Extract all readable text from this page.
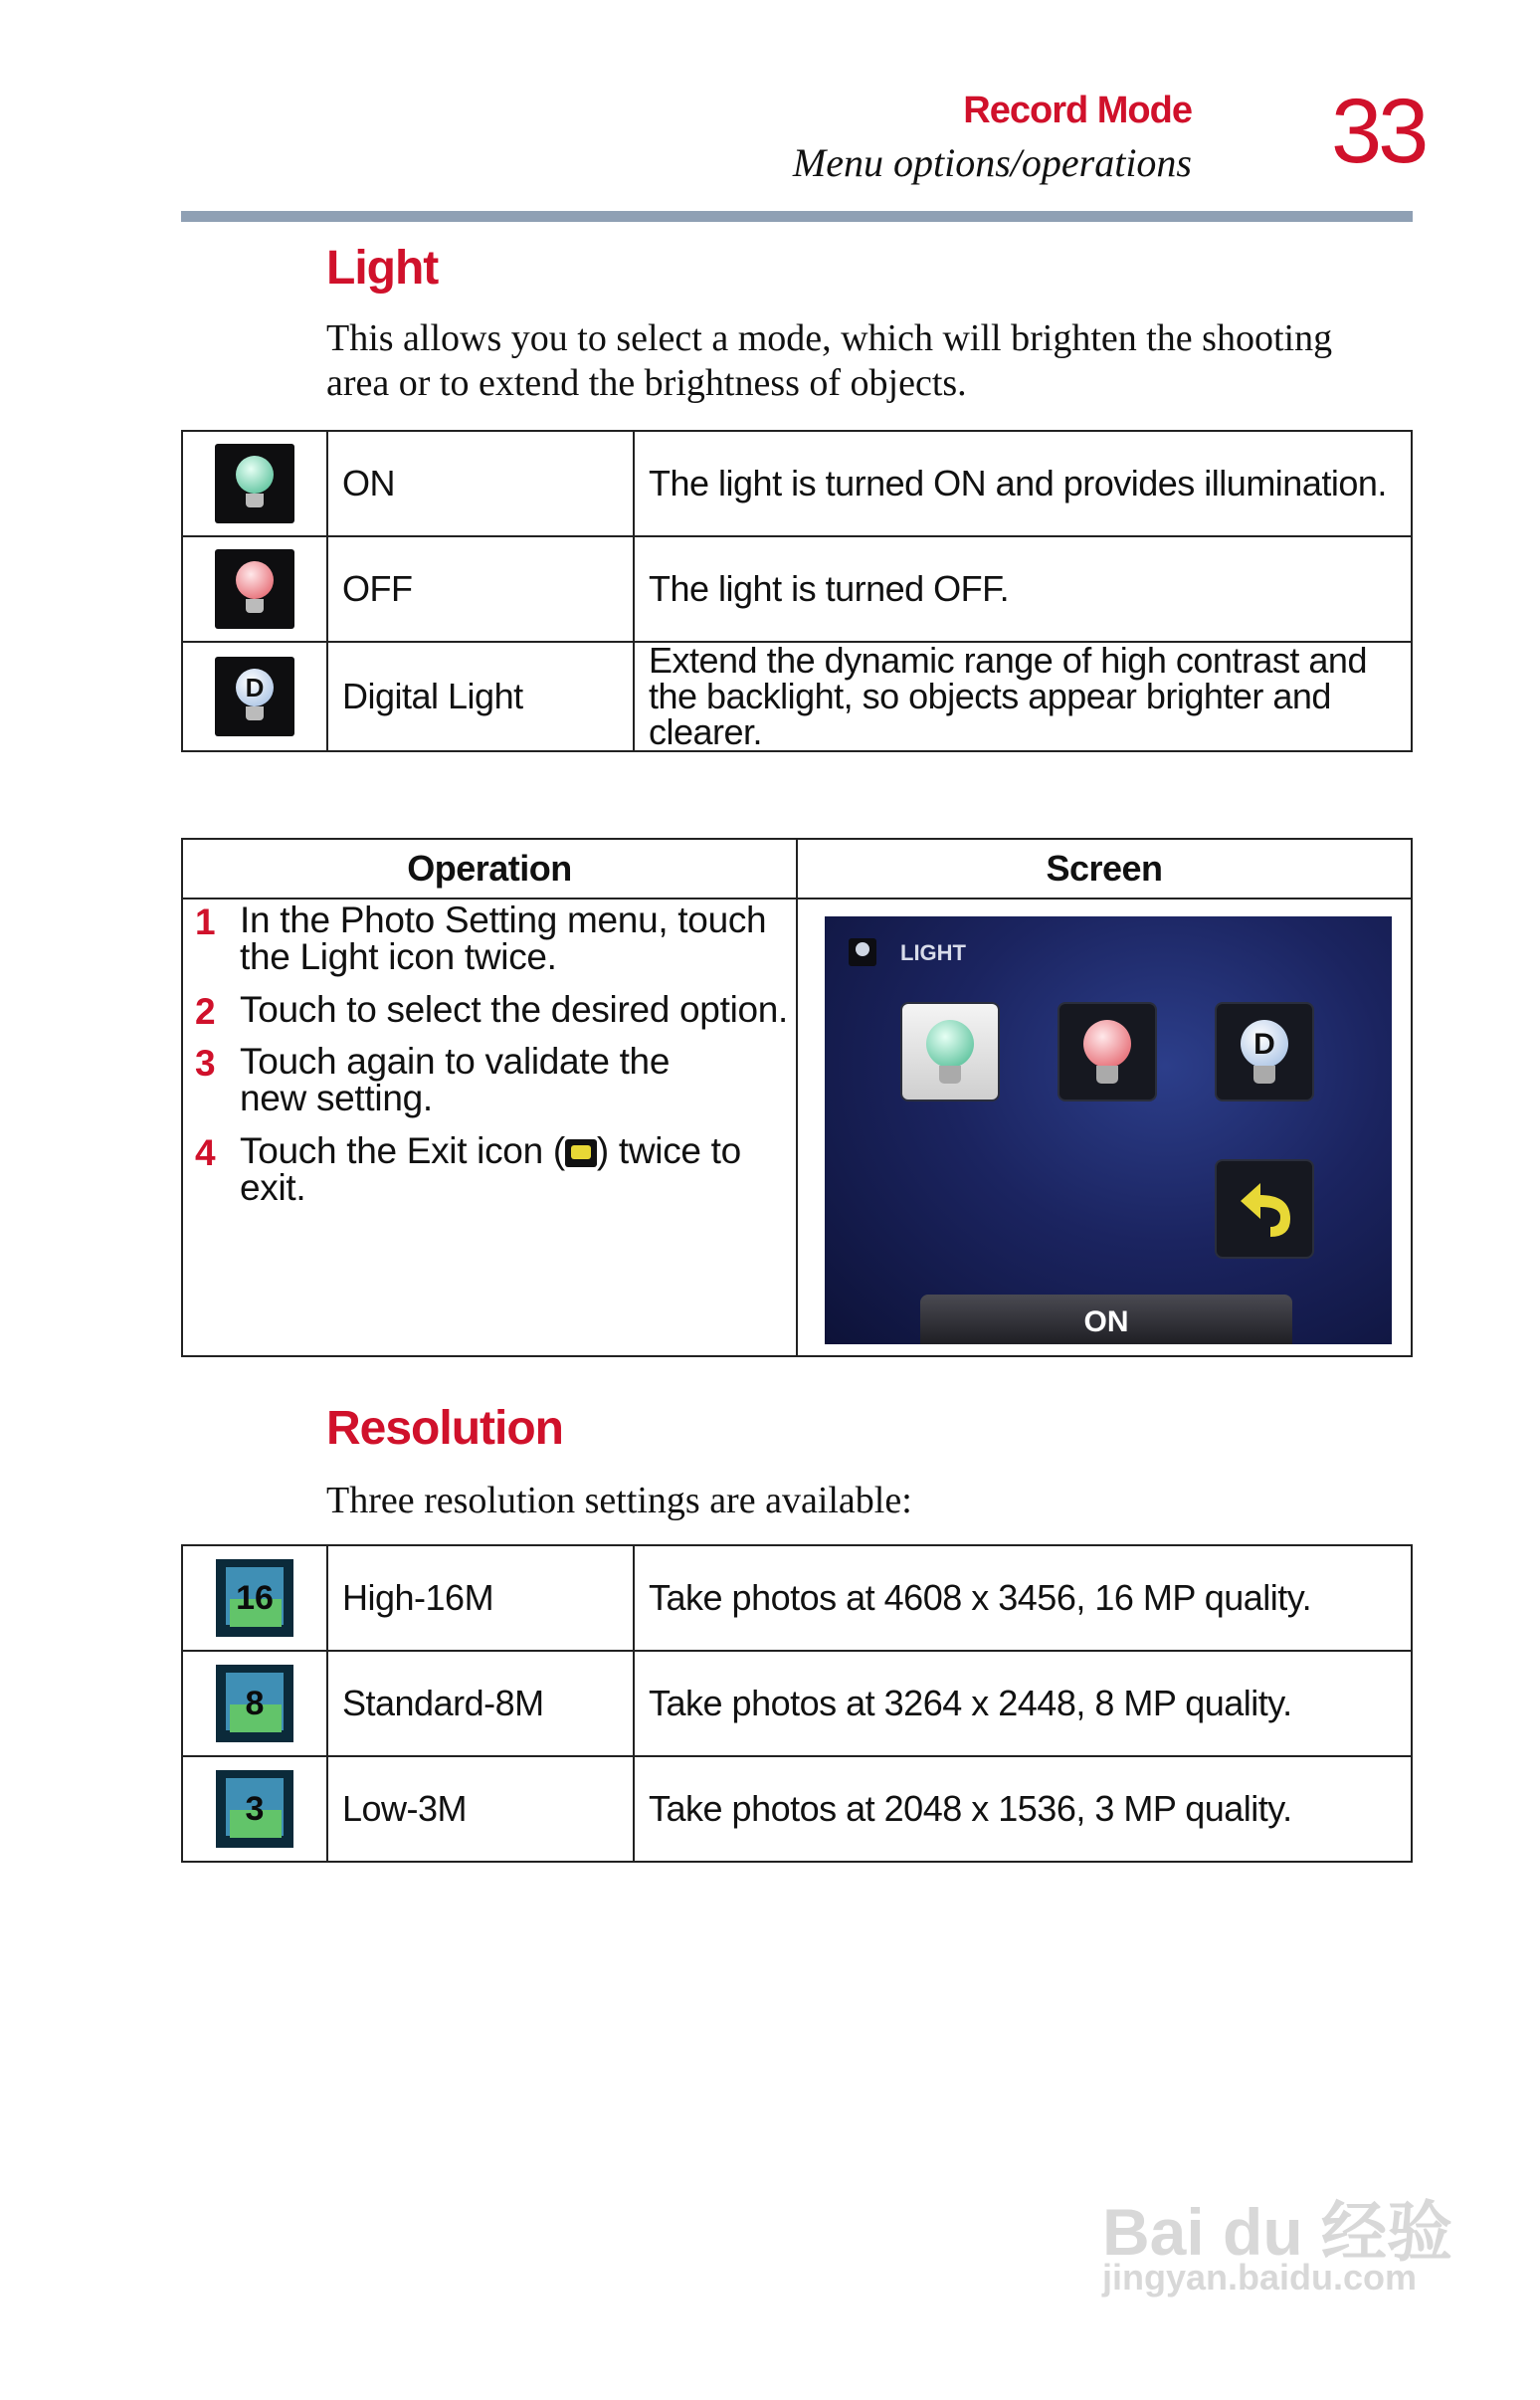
Record Mode
Menu options/operations 33
Light
This allows you to select a mode, which will brighten the shooting area or to extend the brightness of objects.

	ON	The light is turned ON and provides illumination.

	OFF	The light is turned OFF.

D	Digital Light	Extend the dynamic range of high contrast and the backlight, so objects appear brighter and clearer.
Operation	Screen

1 In the Photo Setting menu, touch the Light icon twice.
2 Touch to select the desired option.
3 Touch again to validate the new setting.
4 Touch the Exit icon ( ) twice to exit.
LIGHT
D
ON
Resolution
Three resolution settings are available:
16	High-16M	Take photos at 4608 x 3456, 16 MP quality.

8	Standard-8M	Take photos at 3264 x 2448, 8 MP quality.

3	Low-3M	Take photos at 2048 x 1536, 3 MP quality.
Bai du 经验
jingyan.baidu.com
